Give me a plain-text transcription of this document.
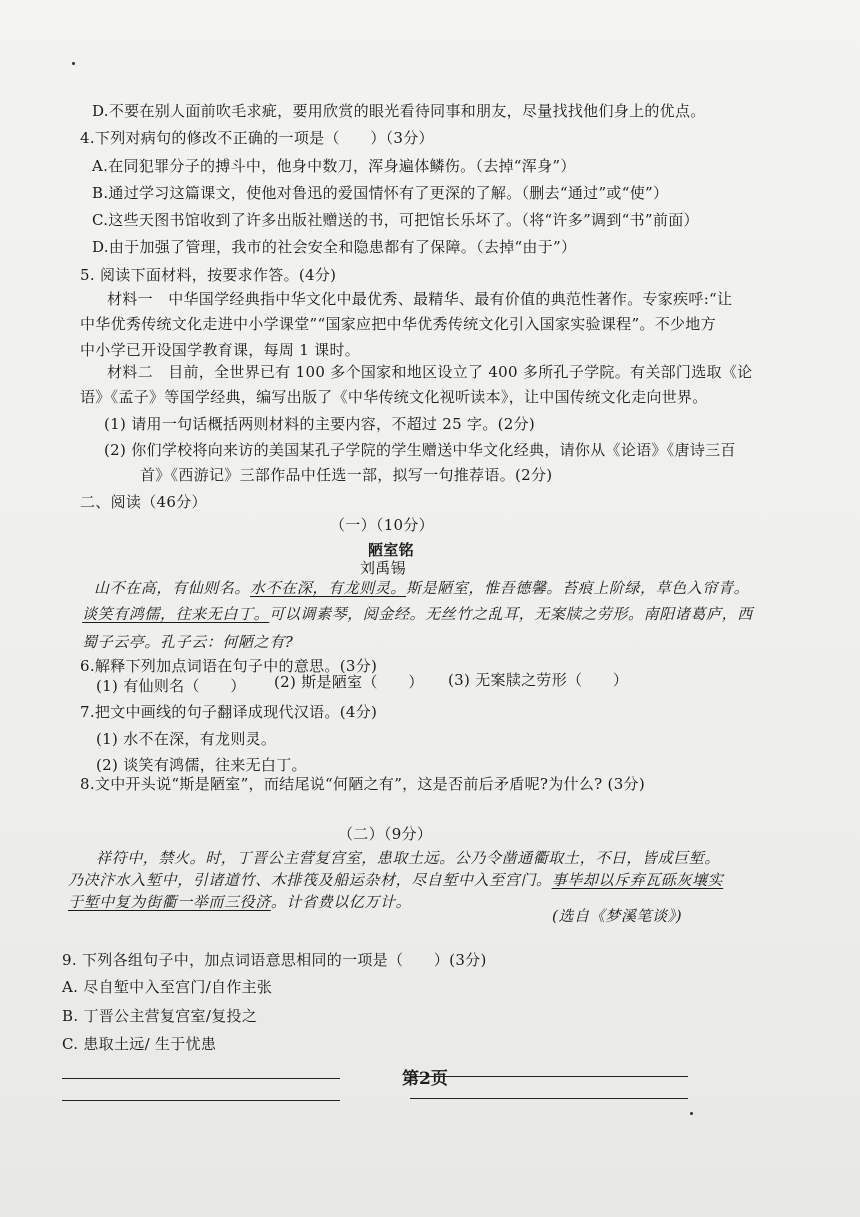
D.不要在别人面前吹毛求疵，要用欣赏的眼光看待同事和朋友，尽量找找他们身上的优点。
4.下列对病句的修改不正确的一项是（　　）（3分）
A.在同犯罪分子的搏斗中，他身中数刀，浑身遍体鳞伤。（去掉“浑身”）
B.通过学习这篇课文，使他对鲁迅的爱国情怀有了更深的了解。（删去“通过”或“使”）
C.这些天图书馆收到了许多出版社赠送的书，可把馆长乐坏了。（将“许多”调到“书”前面）
D.由于加强了管理，我市的社会安全和隐患都有了保障。（去掉“由于”）
5. 阅读下面材料，按要求作答。(4分)
材料一　中华国学经典指中华文化中最优秀、最精华、最有价值的典范性著作。专家疾呼:“让
中华优秀传统文化走进中小学课堂”“国家应把中华优秀传统文化引入国家实验课程”。不少地方
中小学已开设国学教育课，每周 1 课时。
材料二　目前，全世界已有 100 多个国家和地区设立了 400 多所孔子学院。有关部门选取《论
语》《孟子》等国学经典，编写出版了《中华传统文化视听读本》，让中国传统文化走向世界。
(1) 请用一句话概括两则材料的主要内容，不超过 25 字。(2分)
(2) 你们学校将向来访的美国某孔子学院的学生赠送中华文化经典，请你从《论语》《唐诗三百
首》《西游记》三部作品中任选一部，拟写一句推荐语。(2分)
二、阅读（46分）
（一）（10分）
陋室铭
刘禹锡
山不在高，有仙则名。水不在深，有龙则灵。斯是陋室，惟吾德馨。苔痕上阶绿，草色入帘青。
谈笑有鸿儒，往来无白丁。可以调素琴，阅金经。无丝竹之乱耳，无案牍之劳形。南阳诸葛庐，西
蜀子云亭。孔子云：何陋之有?
6.解释下列加点词语在句子中的意思。(3分)
(1) 有仙则名（　　） (2) 斯是陋室（　　） (3) 无案牍之劳形（　　）
7.把文中画线的句子翻译成现代汉语。(4分)
(1) 水不在深，有龙则灵。
(2) 谈笑有鸿儒，往来无白丁。
8.文中开头说“斯是陋室”，而结尾说“何陋之有”，这是否前后矛盾呢?为什么? (3分)
（二）（9分）
祥符中，禁火。时，丁晋公主营复宫室，患取土远。公乃令凿通衢取土，不日，皆成巨堑。
乃决汴水入堑中，引诸道竹、木排筏及船运杂材，尽自堑中入至宫门。事毕却以斥弃瓦砾灰壤实
于堑中复为街衢一举而三役济。计省费以亿万计。
(选自《梦溪笔谈》)
9. 下列各组句子中，加点词语意思相同的一项是（　　）(3分)
A. 尽自堑中入至宫门/自作主张
B. 丁晋公主营复宫室/复投之
C. 患取土远/ 生于忧患
第2页
